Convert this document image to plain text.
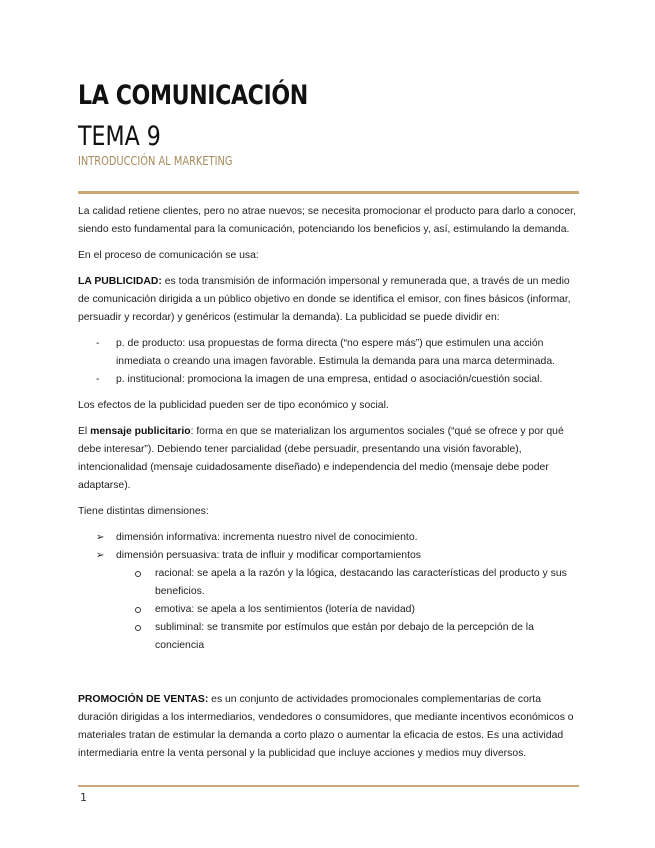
LA COMUNICACIÓN
TEMA 9
INTRODUCCIÓN AL MARKETING

La calidad retiene clientes, pero no atrae nuevos; se necesita promocionar el producto para darlo a conocer, siendo esto fundamental para la comunicación, potenciando los beneficios y, así, estimulando la demanda.

En el proceso de comunicación se usa:

LA PUBLICIDAD: es toda transmisión de información impersonal y remunerada que, a través de un medio de comunicación dirigida a un público objetivo en donde se identifica el emisor, con fines básicos (informar, persuadir y recordar) y genéricos (estimular la demanda). La publicidad se puede dividir en:

- p. de producto: usa propuestas de forma directa (“no espere más”) que estimulen una acción inmediata o creando una imagen favorable. Estimula la demanda para una marca determinada.
- p. institucional: promociona la imagen de una empresa, entidad o asociación/cuestión social.

Los efectos de la publicidad pueden ser de tipo económico y social.

El mensaje publicitario: forma en que se materializan los argumentos sociales (“qué se ofrece y por qué debe interesar”). Debiendo tener parcialidad (debe persuadir, presentando una visión favorable), intencionalidad (mensaje cuidadosamente diseñado) e independencia del medio (mensaje debe poder adaptarse).

Tiene distintas dimensiones:

➢ dimensión informativa: incrementa nuestro nivel de conocimiento.
➢ dimensión persuasiva: trata de influir y modificar comportamientos
racional: se apela a la razón y la lógica, destacando las características del producto y sus beneficios.
emotiva: se apela a los sentimientos (lotería de navidad)
subliminal: se transmite por estímulos que están por debajo de la percepción de la conciencia

PROMOCIÓN DE VENTAS: es un conjunto de actividades promocionales complementarias de corta duración dirigidas a los intermediarios, vendedores o consumidores, que mediante incentivos económicos o materiales tratan de estimular la demanda a corto plazo o aumentar la eficacia de estos. Es una actividad intermediaria entre la venta personal y la publicidad que incluye acciones y medios muy diversos.

1
